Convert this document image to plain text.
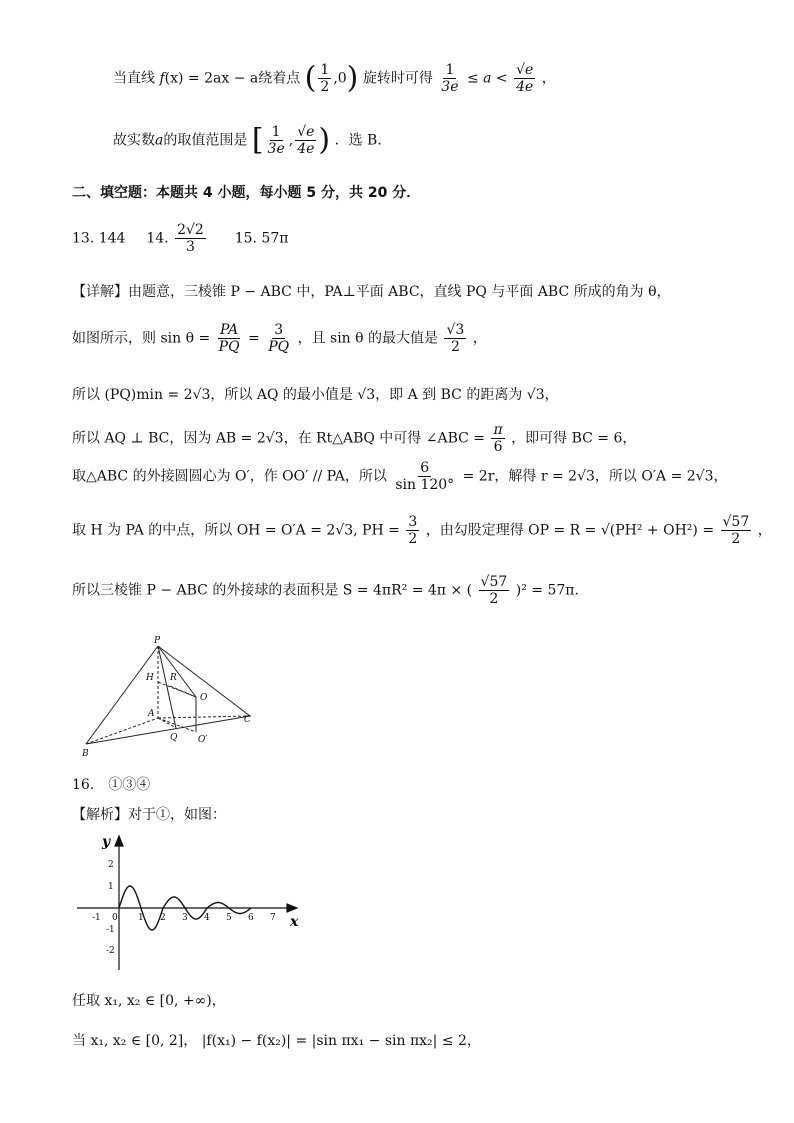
当直线 f(x) = 2ax − a绕着点 ( $\frac{1}{2} ,0$) 旋转时可得 $\frac{1}{3e} \le a < \frac{√e}{4e}$ ，
故实数a的取值范围是 [ $\frac{1}{3e}$ , $\frac{√e}{4e}$ ) ．选 B．
二、填空题：本题共 4 小题，每小题 5 分，共 20 分．
13. 144 14. $\frac{2√2}{3} 15$. 57π
【详解】由题意，三棱锥 P − ABC 中，PA⊥平面 ABC，直线 PQ 与平面 ABC 所成的角为 θ，
如图所示，则 $\sin \theta = \frac{PA}{PQ} = \frac{3}{PQ}$ ，且 sin θ 的最大值是 $\frac{√3}{2}$ ，
所以 (PQ)min = 2√3，所以 AQ 的最小值是 √3，即 A 到 BC 的距离为 √3，
所以 AQ ⊥ BC，因为 AB = 2√3，在 Rt△ABQ 中可得 ∠ABC = $\frac{\pi}{6}$ ，即可得 BC = 6，
取△ABC 的外接圆圆心为 O′，作 OO′ // PA，所以 $\frac{6}{\sin 120^\circ} = 2r$，解得 r = 2√3，所以 O′A = 2√3，
取 H 为 PA 的中点，所以 OH = O′A = 2√3, PH = $\frac{3}{2}$ ，由勾股定理得 OP = $R = √(PH^2 + OH^2) = \frac{√57}{2}$ ，
所以三棱锥 P − ABC 的外接球的表面积是 S = 4πR² = 4π × ( $\frac{√57}{2} )^2 = 57\pi$.
P
H R
O
A
C
B
Q O′
16． ①③④
【解析】对于①，如图：
y
x
2
1
-1
-2
-1 0 1 2 3 4 5 6 7
任取 x₁, x₂ ∈ [0, +∞)，
当 x₁, x₂ ∈ [0, 2]， |f(x₁) − f(x₂)| = |sin πx₁ − sin πx₂| ≤ 2，
